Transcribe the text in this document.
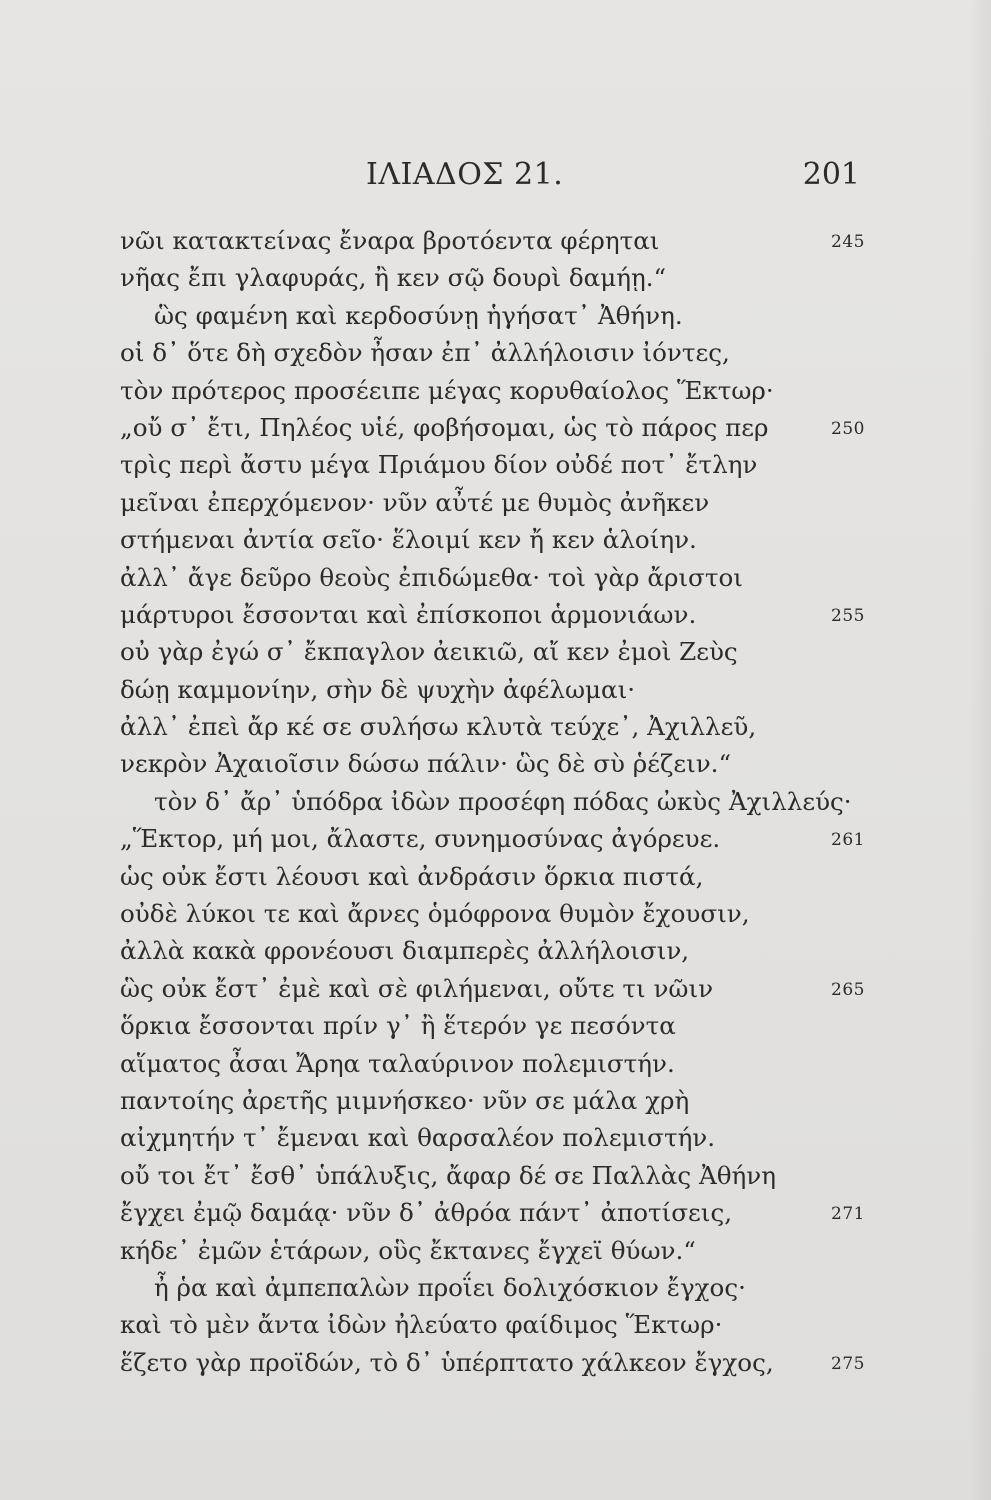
ΙΛΙΑΔΟΣ 21.	201
νῶι κατακτείνας ἔναρα βροτόεντα φέρηται	245
νῆας ἔπι γλαφυράς, ἢ κεν σῷ δουρὶ δαμήῃ.“
ὣς φαμένη καὶ κερδοσύνῃ ἡγήσατ᾽ Ἀθήνη.
οἱ δ᾽ ὅτε δὴ σχεδὸν ἦσαν ἐπ᾽ ἀλλήλοισιν ἰόντες,
τὸν πρότερος προσέειπε μέγας κορυθαίολος Ἕκτωρ·
„οὔ σ᾽ ἔτι, Πηλέος υἱέ, φοβήσομαι, ὡς τὸ πάρος περ	250
τρὶς περὶ ἄστυ μέγα Πριάμου δίον οὐδέ ποτ᾽ ἔτλην
μεῖναι ἐπερχόμενον· νῦν αὖτέ με θυμὸς ἀνῆκεν
στήμεναι ἀντία σεῖο· ἕλοιμί κεν ἤ κεν ἁλοίην.
ἀλλ᾽ ἄγε δεῦρο θεοὺς ἐπιδώμεθα· τοὶ γὰρ ἄριστοι
μάρτυροι ἔσσονται καὶ ἐπίσκοποι ἁρμονιάων.	255
οὐ γὰρ ἐγώ σ᾽ ἔκπαγλον ἀεικιῶ, αἴ κεν ἐμοὶ Ζεὺς
δώῃ καμμονίην, σὴν δὲ ψυχὴν ἀφέλωμαι·
ἀλλ᾽ ἐπεὶ ἄρ κέ σε συλήσω κλυτὰ τεύχε᾽, Ἀχιλλεῦ,
νεκρὸν Ἀχαιοῖσιν δώσω πάλιν· ὣς δὲ σὺ ῥέζειν.“
τὸν δ᾽ ἄρ᾽ ὑπόδρα ἰδὼν προσέφη πόδας ὠκὺς Ἀχιλλεύς·
„Ἕκτορ, μή μοι, ἄλαστε, συνημοσύνας ἀγόρευε.	261
ὡς οὐκ ἔστι λέουσι καὶ ἀνδράσιν ὅρκια πιστά,
οὐδὲ λύκοι τε καὶ ἄρνες ὁμόφρονα θυμὸν ἔχουσιν,
ἀλλὰ κακὰ φρονέουσι διαμπερὲς ἀλλήλοισιν,
ὣς οὐκ ἔστ᾽ ἐμὲ καὶ σὲ φιλήμεναι, οὔτε τι νῶιν	265
ὅρκια ἔσσονται πρίν γ᾽ ἢ ἕτερόν γε πεσόντα
αἵματος ἆσαι Ἄρηα ταλαύρινον πολεμιστήν.
παντοίης ἀρετῆς μιμνήσκεο· νῦν σε μάλα χρὴ
αἰχμητήν τ᾽ ἔμεναι καὶ θαρσαλέον πολεμιστήν.
οὔ τοι ἔτ᾽ ἔσθ᾽ ὑπάλυξις, ἄφαρ δέ σε Παλλὰς Ἀθήνη
ἔγχει ἐμῷ δαμάᾳ· νῦν δ᾽ ἀθρόα πάντ᾽ ἀποτίσεις,	271
κήδε᾽ ἐμῶν ἑτάρων, οὓς ἔκτανες ἔγχεϊ θύων.“
ἦ ῥα καὶ ἀμπεπαλὼν προΐει δολιχόσκιον ἔγχος·
καὶ τὸ μὲν ἄντα ἰδὼν ἠλεύατο φαίδιμος Ἕκτωρ·
ἕζετο γὰρ προϊδών, τὸ δ᾽ ὑπέρπτατο χάλκεον ἔγχος,	275
